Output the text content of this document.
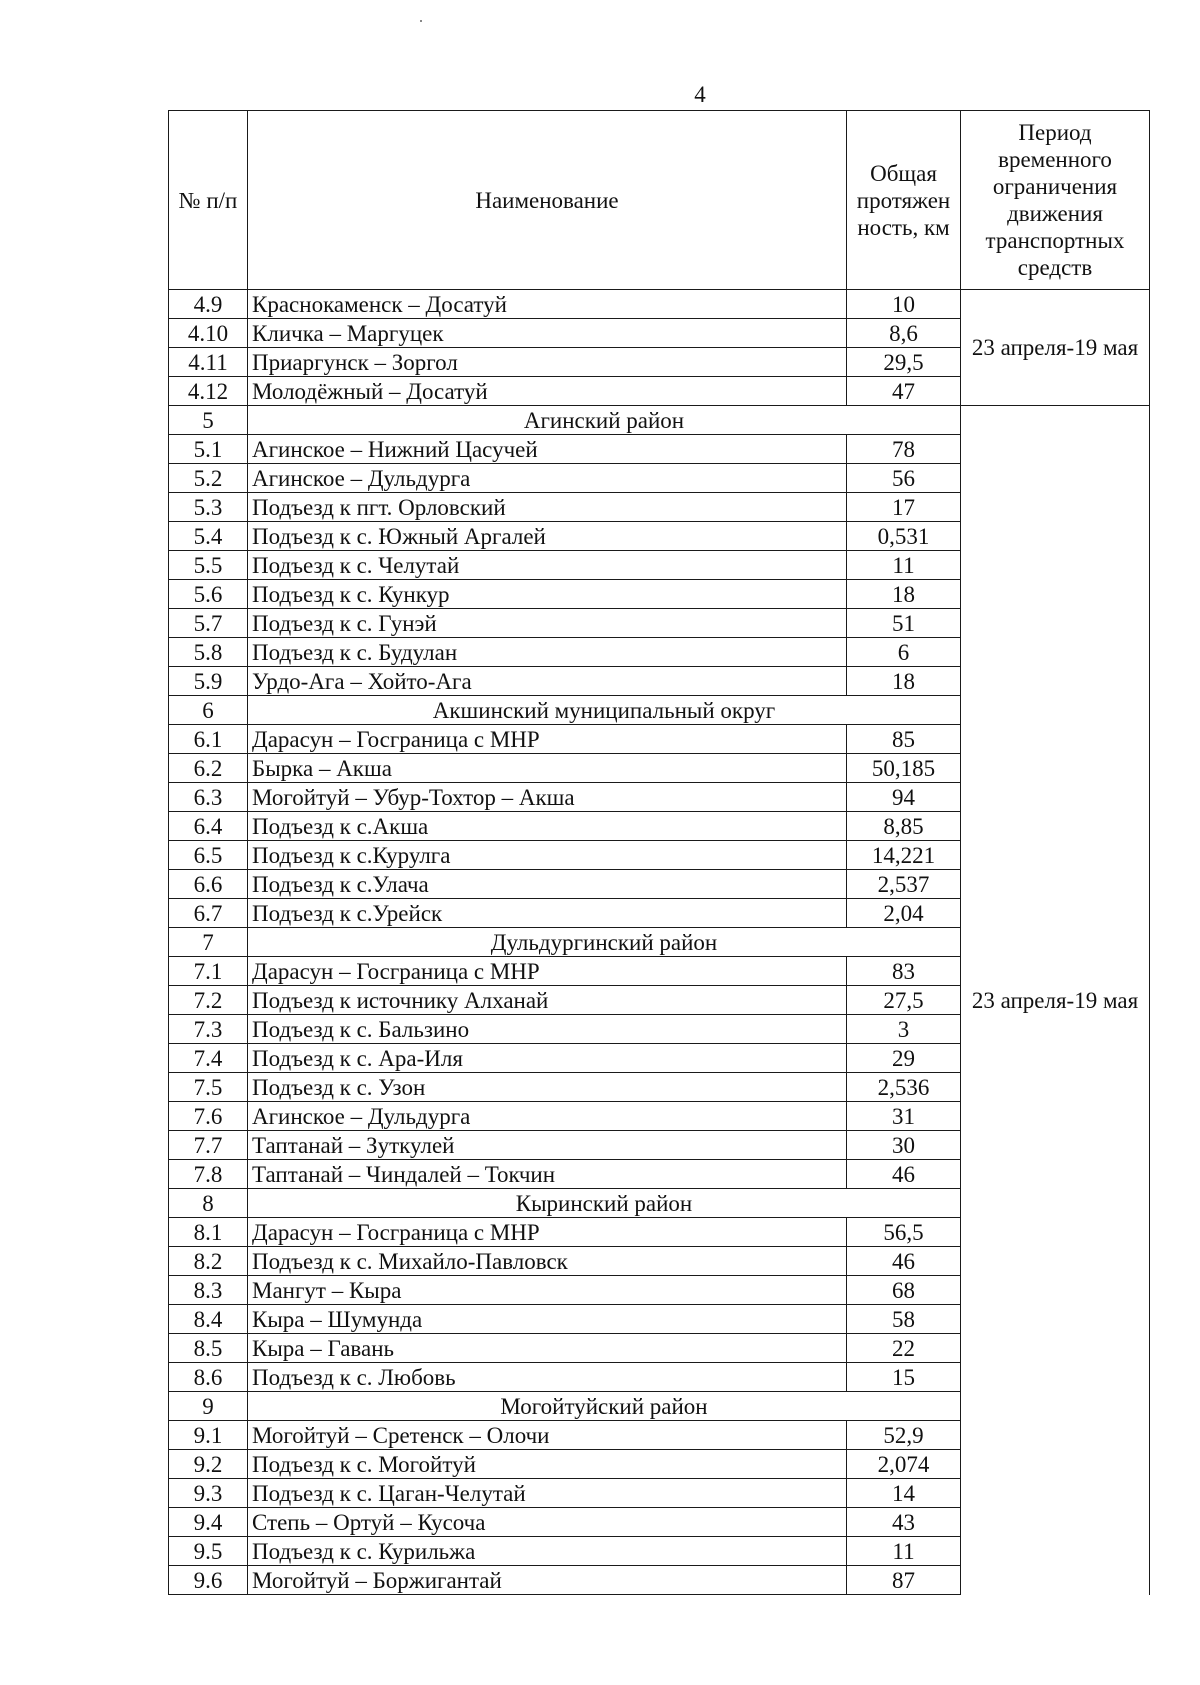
4
№ п/п	Наименование	Общая протяжен ность, км	Период временного ограничения движения транспортных средств
4.9	Краснокаменск – Досатуй	10	23 апреля-19 мая
4.10	Кличка – Маргуцек	8,6	
4.11	Приаргунск – Зоргол	29,5	
4.12	Молодёжный – Досатуй	47	
5	Агинский район		23 апреля-19 мая
5.1	Агинское – Нижний Цасучей	78	
5.2	Агинское – Дульдурга	56	
5.3	Подъезд к пгт. Орловский	17	
5.4	Подъезд к с. Южный Аргалей	0,531	
5.5	Подъезд к с. Челутай	11	
5.6	Подъезд к с. Кункур	18	
5.7	Подъезд к с. Гунэй	51	
5.8	Подъезд к с. Будулан	6	
5.9	Урдо-Ага – Хойто-Ага	18	
6	Акшинский муниципальный округ		
6.1	Дарасун – Госграница с МНР	85	
6.2	Бырка – Акша	50,185	
6.3	Могойтуй – Убур-Тохтор – Акша	94	
6.4	Подъезд к с.Акша	8,85	
6.5	Подъезд к с.Курулга	14,221	
6.6	Подъезд к с.Улача	2,537	
6.7	Подъезд к с.Урейск	2,04	
7	Дульдургинский район		
7.1	Дарасун – Госграница с МНР	83	
7.2	Подъезд к источнику Алханай	27,5	
7.3	Подъезд к с. Бальзино	3	
7.4	Подъезд к с. Ара-Иля	29	
7.5	Подъезд к с. Узон	2,536	
7.6	Агинское – Дульдурга	31	
7.7	Таптанай – Зуткулей	30	
7.8	Таптанай – Чиндалей – Токчин	46	
8	Кыринский район		
8.1	Дарасун – Госграница с МНР	56,5	
8.2	Подъезд к с. Михайло-Павловск	46	
8.3	Мангут – Кыра	68	
8.4	Кыра – Шумунда	58	
8.5	Кыра – Гавань	22	
8.6	Подъезд к с. Любовь	15	
9	Могойтуйский район		
9.1	Могойтуй – Сретенск – Олочи	52,9	
9.2	Подъезд к с. Могойтуй	2,074	
9.3	Подъезд к с. Цаган-Челутай	14	
9.4	Степь – Ортуй – Кусоча	43	
9.5	Подъезд к с. Курильжа	11	
9.6	Могойтуй – Боржигантай	87	
